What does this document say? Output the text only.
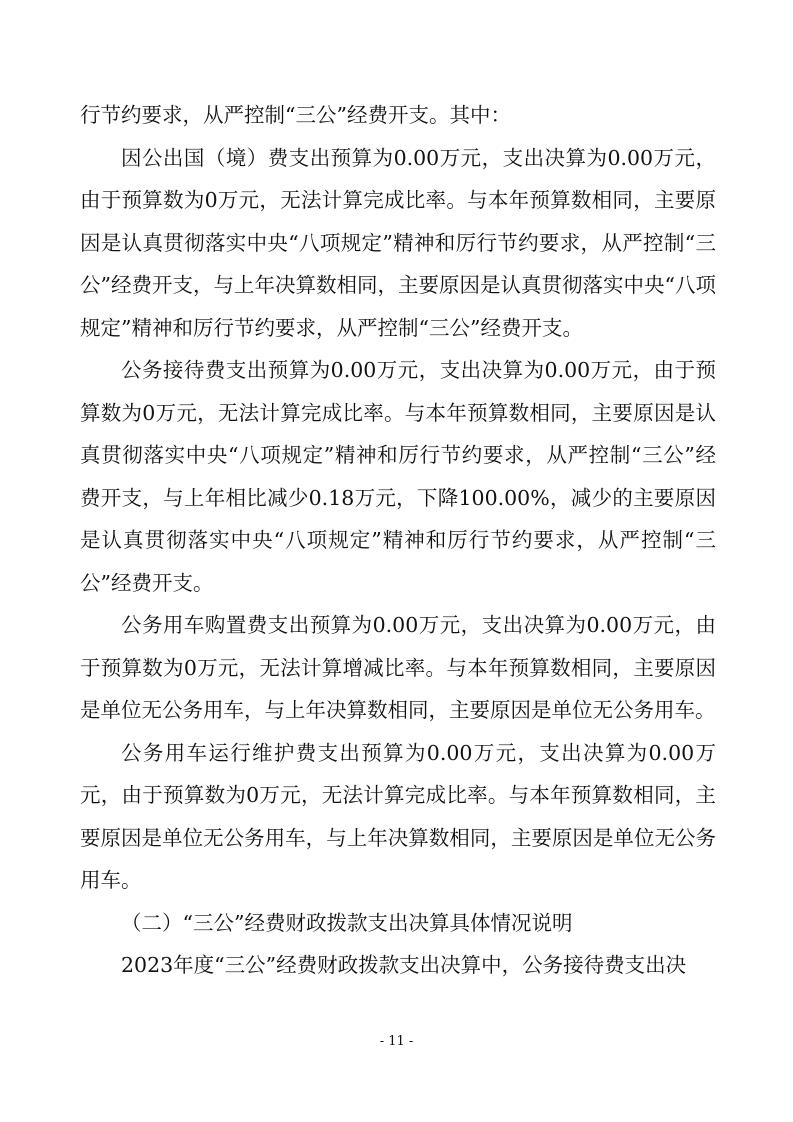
行节约要求，从严控制“三公”经费开支。其中：

因公出国（境）费支出预算为0.00万元，支出决算为0.00万元，由于预算数为0万元，无法计算完成比率。与本年预算数相同，主要原因是认真贯彻落实中央“八项规定”精神和厉行节约要求，从严控制“三公”经费开支，与上年决算数相同，主要原因是认真贯彻落实中央“八项规定”精神和厉行节约要求，从严控制“三公”经费开支。

公务接待费支出预算为0.00万元，支出决算为0.00万元，由于预算数为0万元，无法计算完成比率。与本年预算数相同，主要原因是认真贯彻落实中央“八项规定”精神和厉行节约要求，从严控制“三公”经费开支，与上年相比减少0.18万元，下降100.00%，减少的主要原因是认真贯彻落实中央“八项规定”精神和厉行节约要求，从严控制“三公”经费开支。

公务用车购置费支出预算为0.00万元，支出决算为0.00万元，由于预算数为0万元，无法计算增减比率。与本年预算数相同，主要原因是单位无公务用车，与上年决算数相同，主要原因是单位无公务用车。

公务用车运行维护费支出预算为0.00万元，支出决算为0.00万元，由于预算数为0万元，无法计算完成比率。与本年预算数相同，主要原因是单位无公务用车，与上年决算数相同，主要原因是单位无公务用车。

（二）“三公”经费财政拨款支出决算具体情况说明

2023年度“三公”经费财政拨款支出决算中，公务接待费支出决

- 11 -
